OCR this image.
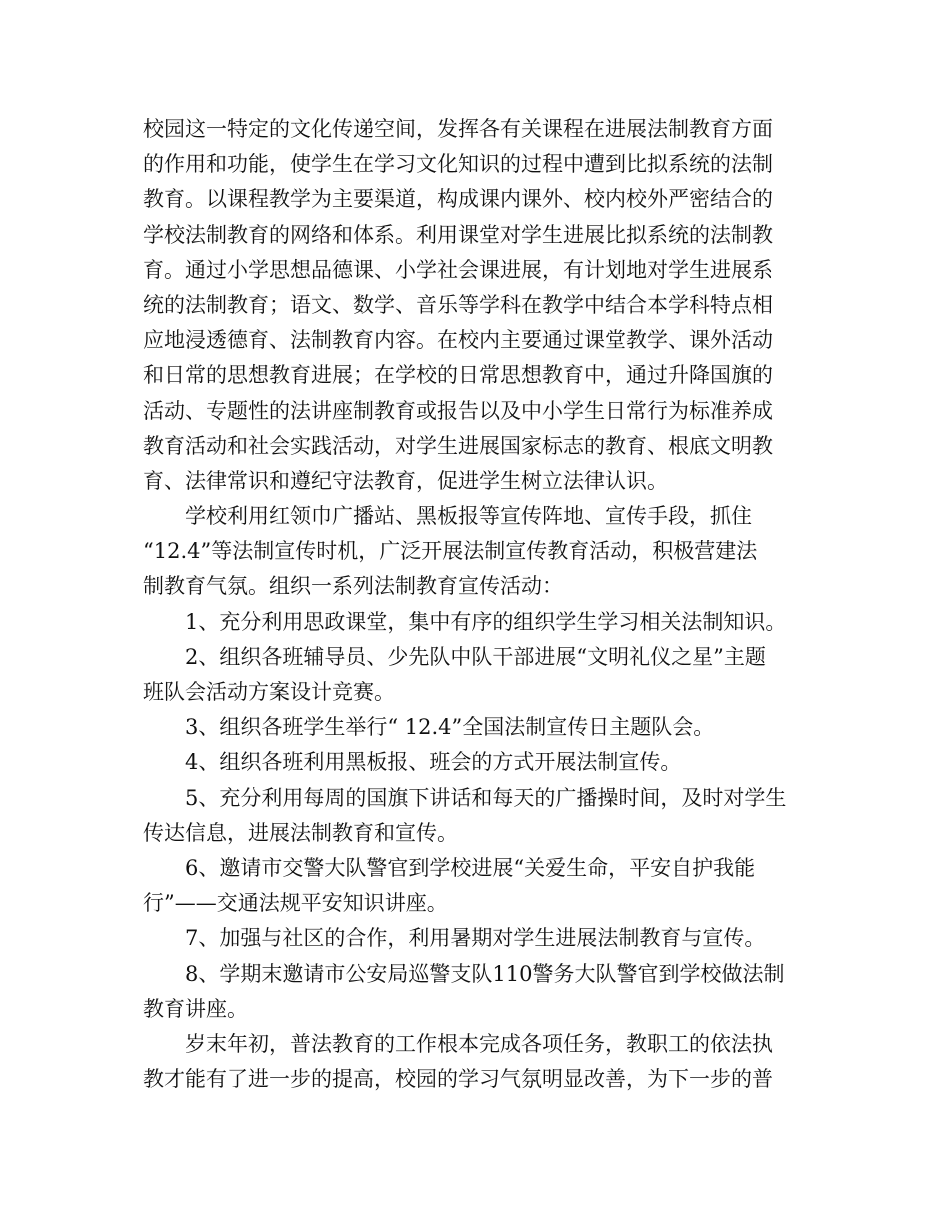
校园这一特定的文化传递空间，发挥各有关课程在进展法制教育方面
的作用和功能，使学生在学习文化知识的过程中遭到比拟系统的法制
教育。以课程教学为主要渠道，构成课内课外、校内校外严密结合的
学校法制教育的网络和体系。利用课堂对学生进展比拟系统的法制教
育。通过小学思想品德课、小学社会课进展，有计划地对学生进展系
统的法制教育；语文、数学、音乐等学科在教学中结合本学科特点相
应地浸透德育、法制教育内容。在校内主要通过课堂教学、课外活动
和日常的思想教育进展；在学校的日常思想教育中，通过升降国旗的
活动、专题性的法讲座制教育或报告以及中小学生日常行为标准养成
教育活动和社会实践活动，对学生进展国家标志的教育、根底文明教
育、法律常识和遵纪守法教育，促进学生树立法律认识。
学校利用红领巾广播站、黑板报等宣传阵地、宣传手段，抓住
“12.4”等法制宣传时机，广泛开展法制宣传教育活动，积极营建法
制教育气氛。组织一系列法制教育宣传活动：
1、充分利用思政课堂，集中有序的组织学生学习相关法制知识。
2、组织各班辅导员、少先队中队干部进展“文明礼仪之星”主题
班队会活动方案设计竞赛。
3、组织各班学生举行“ 12.4”全国法制宣传日主题队会。
4、组织各班利用黑板报、班会的方式开展法制宣传。
5、充分利用每周的国旗下讲话和每天的广播操时间，及时对学生
传达信息，进展法制教育和宣传。
6、邀请市交警大队警官到学校进展“关爱生命，平安自护我能
行”——交通法规平安知识讲座。
7、加强与社区的合作，利用暑期对学生进展法制教育与宣传。
8、学期末邀请市公安局巡警支队110警务大队警官到学校做法制
教育讲座。
岁末年初，普法教育的工作根本完成各项任务，教职工的依法执
教才能有了进一步的提高，校园的学习气氛明显改善，为下一步的普
